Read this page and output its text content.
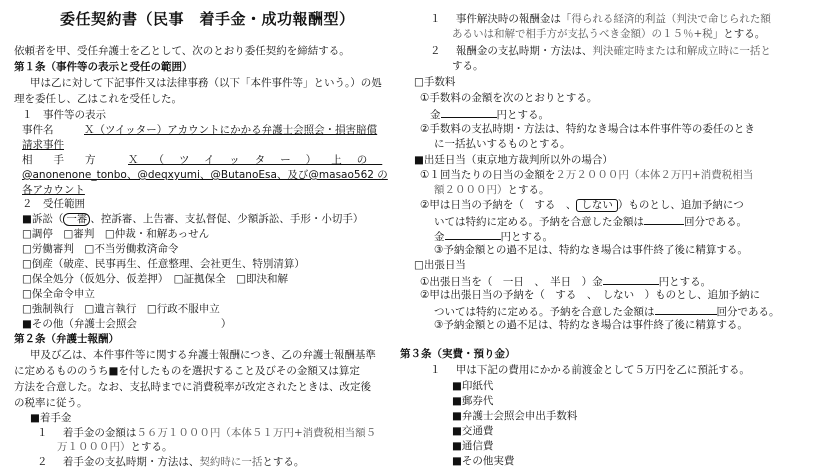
委任契約書（民事　着手金・成功報酬型）
依頼者を甲、受任弁護士を乙として、次のとおり委任契約を締結する。
第１条（事件等の表示と受任の範囲）
甲は乙に対して下記事件又は法律事務（以下「本件事件等」という。）の処
理を委任し、乙はこれを受任した。
１　事件等の表示
事件名	Ｘ（ツイッター）アカウントにかかる弁護士会照会・損害賠償
請求事件
相手方 Ｘ（ツイッター）上の
@anonenone_tonbo、@deqxyumi、@ButanoEsa、及び@masao562 の
各アカウント
２　受任範囲
■訴訟（ 一審 、控訴審、上告審、支払督促、少額訴訟、手形・小切手）
□調停　□審判　□仲裁・和解あっせん
□労働審判　□不当労働救済命令
□倒産（破産、民事再生、任意整理、会社更生、特別清算）
□保全処分（仮処分、仮差押）　□証拠保全　□即決和解
□保全命令申立
□強制執行　□遺言執行　□行政不服申立
■その他（弁護士会照会　　　　　　　　）
第２条（弁護士報酬）
甲及び乙は、本件事件等に関する弁護士報酬につき、乙の弁護士報酬基準
に定めるもののうち■を付したものを選択すること及びその金額又は算定
方法を合意した。なお、支払時までに消費税率が改定されたときは、改定後
の税率に従う。
■着手金
１ 着手金の金額は５６万１０００円（本体５１万円+消費税相当額５
万１０００円）とする。
２ 着手金の支払時期・方法は、契約時に一括とする。
１ 事件解決時の報酬金は「得られる経済的利益（判決で命じられた額
あるいは和解で相手方が支払うべき金額）の１５％+税」とする。
２ 報酬金の支払時期・方法は、判決確定時または和解成立時に一括と
する。
□手数料
①手数料の金額を次のとおりとする。
金	円とする。
②手数料の支払時期・方法は、特約なき場合は本件事件等の委任のとき
に一括払いするものとする。
■出廷日当（東京地方裁判所以外の場合）
①１回当たりの日当の金額を２万２０００円（本体２万円+消費税相当
額２０００円）とする。
②甲は日当の予納を（　する　、 しない ）ものとし、追加予納につ
いては特約に定める。予納を合意した金額は	回分である。
金	円とする。
③予納金額との過不足は、特約なき場合は事件終了後に精算する。
□出張日当
①出張日当を（　一日　、　半日　）金	円とする。
②甲は出張日当の予納を（　する　、　しない　）ものとし、追加予納に
ついては特約に定める。予納を合意した金額は	回分である。
③予納金額との過不足は、特約なき場合は事件終了後に精算する。
第３条（実費・預り金）
１ 甲は下記の費用にかかる前渡金として５万円を乙に預託する。
■印紙代
■郵券代
■弁護士会照会申出手数料
■交通費
■通信費
■その他実費
